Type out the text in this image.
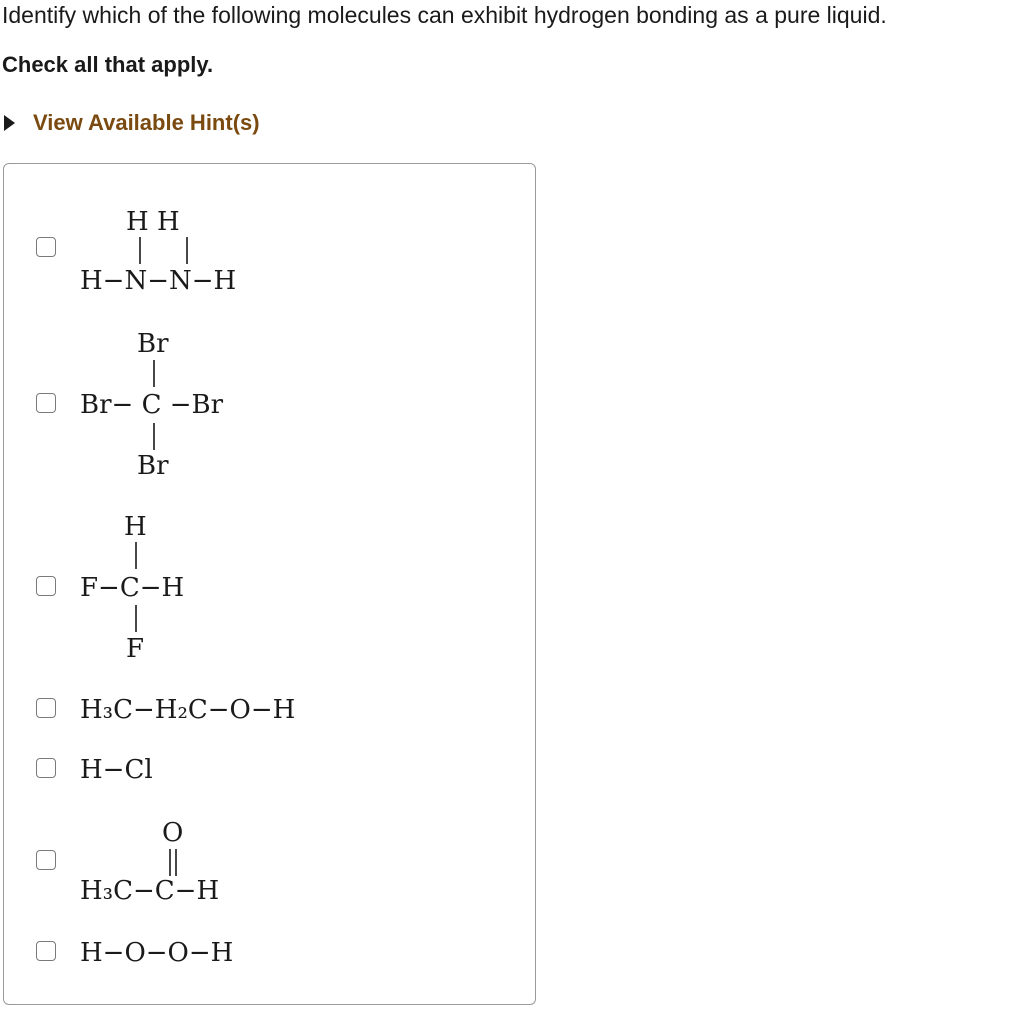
Identify which of the following molecules can exhibit hydrogen bonding as a pure liquid.
Check all that apply.
View Available Hint(s)
H H
H−N−N−H
Br
Br− C −Br
Br
H
F−C−H
F
H₃C−H₂C−O−H
H−Cl
O
H₃C−C−H
H−O−O−H
